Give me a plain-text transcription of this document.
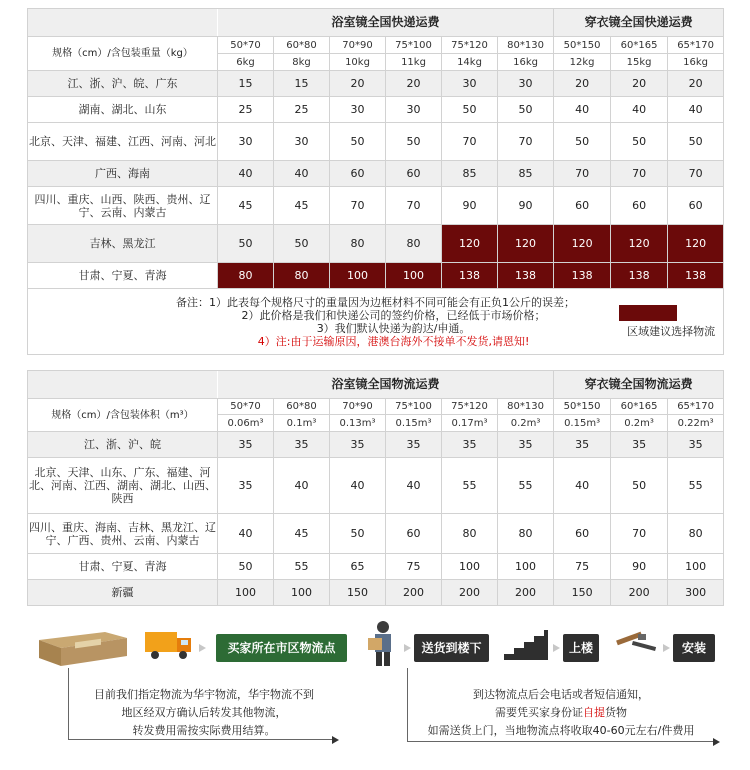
	浴室镜全国快递运费						穿衣镜全国快递运费		
规格（cm）/含包装重量（kg）	50*70	60*80	70*90	75*100	75*120	80*130	50*150	60*165	65*170
	6kg	8kg	10kg	11kg	14kg	16kg	12kg	15kg	16kg
江、浙、沪、皖、广东	15	15	20	20	30	30	20	20	20
湖南、湖北、山东	25	25	30	30	50	50	40	40	40
北京、天津、福建、江西、河南、河北	30	30	50	50	70	70	50	50	50
广西、海南	40	40	60	60	85	85	70	70	70
四川、重庆、山西、陕西、贵州、辽宁、云南、内蒙古	45	45	70	70	90	90	60	60	60
吉林、黑龙江	50	50	80	80	120	120	120	120	120
甘肃、宁夏、青海	80	80	100	100	138	138	138	138	138

备注：1）此表每个规格尺寸的重量因为边框材料不同可能会有正负1公斤的误差；
2）此价格是我们和快递公司的签约价格，已经低于市场价格；
3）我们默认快递为韵达/申通。
4）注:由于运输原因，港澳台海外不接单不发货,请恩知!
区域建议选择物流									
	浴室镜全国物流运费						穿衣镜全国物流运费		
规格（cm）/含包装体积（m³）	50*70	60*80	70*90	75*100	75*120	80*130	50*150	60*165	65*170
	0.06m³	0.1m³	0.13m³	0.15m³	0.17m³	0.2m³	0.15m³	0.2m³	0.22m³
江、浙、沪、皖	35	35	35	35	35	35	35	35	35
北京、天津、山东、广东、福建、河北、河南、江西、湖南、湖北、山西、陕西	35	40	40	40	55	55	40	50	55
四川、重庆、海南、吉林、黑龙江、辽宁、广西、贵州、云南、内蒙古	40	45	50	60	80	80	60	70	80
甘肃、宁夏、青海	50	55	65	75	100	100	75	90	100
新疆	100	100	150	200	200	200	150	200	300
买家所在市区物流点	送货到楼下	上楼	安装
目前我们指定物流为华宇物流，华宇物流不到
地区经双方确认后转发其他物流，
转发费用需按实际费用结算。
到达物流点后会电话或者短信通知，
需要凭买家身份证自提货物
如需送货上门，当地物流点将收取40-60元左右/件费用
